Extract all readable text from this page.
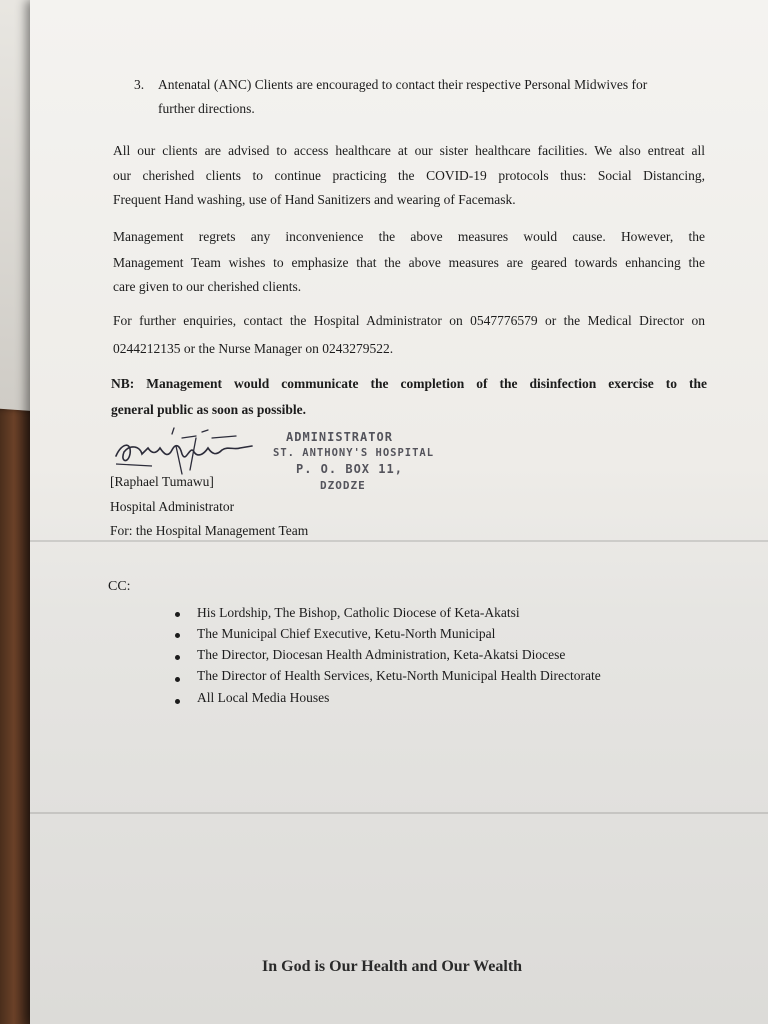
3. Antenatal (ANC) Clients are encouraged to contact their respective Personal Midwives for
further directions.
All our clients are advised to access healthcare at our sister healthcare facilities. We also entreat all
our cherished clients to continue practicing the COVID-19 protocols thus: Social Distancing,
Frequent Hand washing, use of Hand Sanitizers and wearing of Facemask.
Management regrets any inconvenience the above measures would cause. However, the
Management Team wishes to emphasize that the above measures are geared towards enhancing the
care given to our cherished clients.
For further enquiries, contact the Hospital Administrator on 0547776579 or the Medical Director on
0244212135 or the Nurse Manager on 0243279522.
NB: Management would communicate the completion of the disinfection exercise to the
general public as soon as possible.
ADMINISTRATOR
ST. ANTHONY'S HOSPITAL
P. O. BOX 11,
DZODZE
[Raphael Tumawu]
Hospital Administrator
For: the Hospital Management Team
CC:
His Lordship, The Bishop, Catholic Diocese of Keta-Akatsi
The Municipal Chief Executive, Ketu-North Municipal
The Director, Diocesan Health Administration, Keta-Akatsi Diocese
The Director of Health Services, Ketu-North Municipal Health Directorate
All Local Media Houses
In God is Our Health and Our Wealth
